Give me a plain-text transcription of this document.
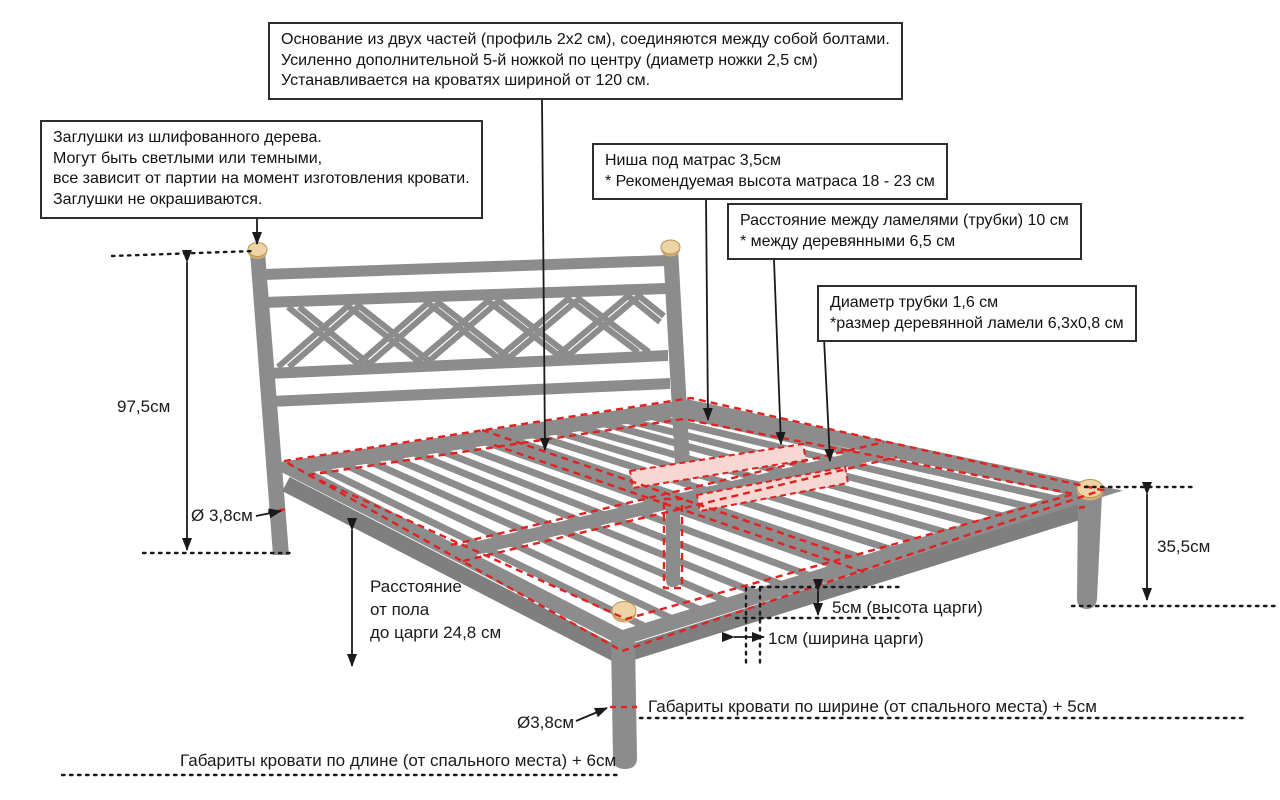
97,5см
Ø 3,8см
Расстояние
от пола
до царги 24,8 см
35,5см
5см (высота царги)
1см (ширина царги)
Ø3,8см
Габариты кровати по ширине (от спального места) + 5см
Габариты кровати по длине (от спального места) + 6см
Основание из двух частей (профиль 2х2 см), соединяются между собой болтами.
Усиленно дополнительной 5-й ножкой по центру (диаметр ножки 2,5 см)
Устанавливается на кроватях шириной от 120 см.
Заглушки из шлифованного дерева.
Могут быть светлыми или темными,
все зависит от партии на момент изготовления кровати.
Заглушки не окрашиваются.
Ниша под матрас 3,5см
* Рекомендуемая высота матраса 18 - 23 см
Расстояние между ламелями (трубки) 10 см
* между деревянными 6,5 см
Диаметр трубки 1,6 см
*размер деревянной ламели 6,3х0,8 см
